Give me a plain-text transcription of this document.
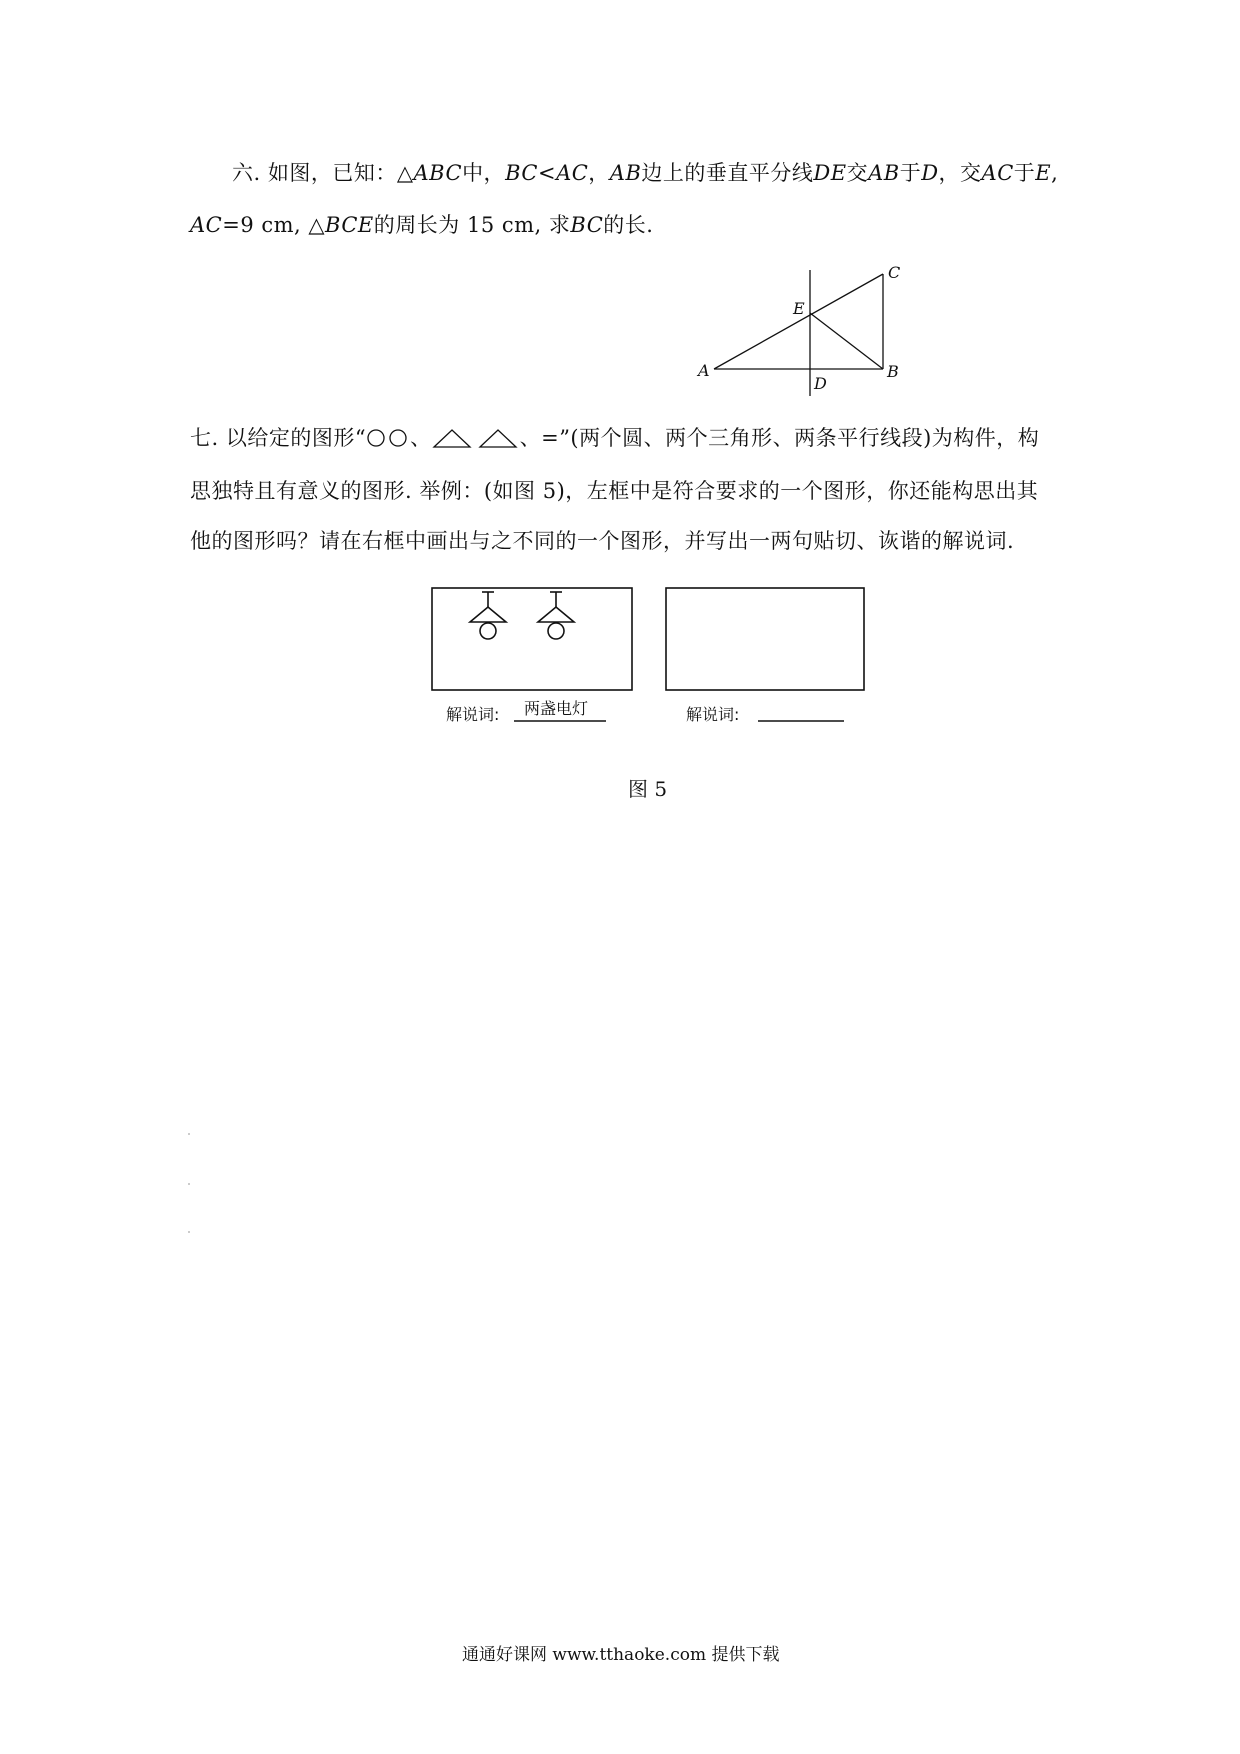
六. 如图，已知：△ABC中，BC<AC，AB边上的垂直平分线DE交AB于D，交AC于E,
AC=9 cm, △BCE的周长为 15 cm, 求BC的长.
A	B
C
D
E
七. 以给定的图形“ 、	、=”(两个圆、两个三角形、两条平行线段)为构件，构
思独特且有意义的图形. 举例：(如图 5)，左框中是符合要求的一个图形，你还能构思出其
他的图形吗？请在右框中画出与之不同的一个图形，并写出一两句贴切、诙谐的解说词.
解说词: 两盏电灯	解说词:
图 5
通通好课网 www.tthaoke.com 提供下载
